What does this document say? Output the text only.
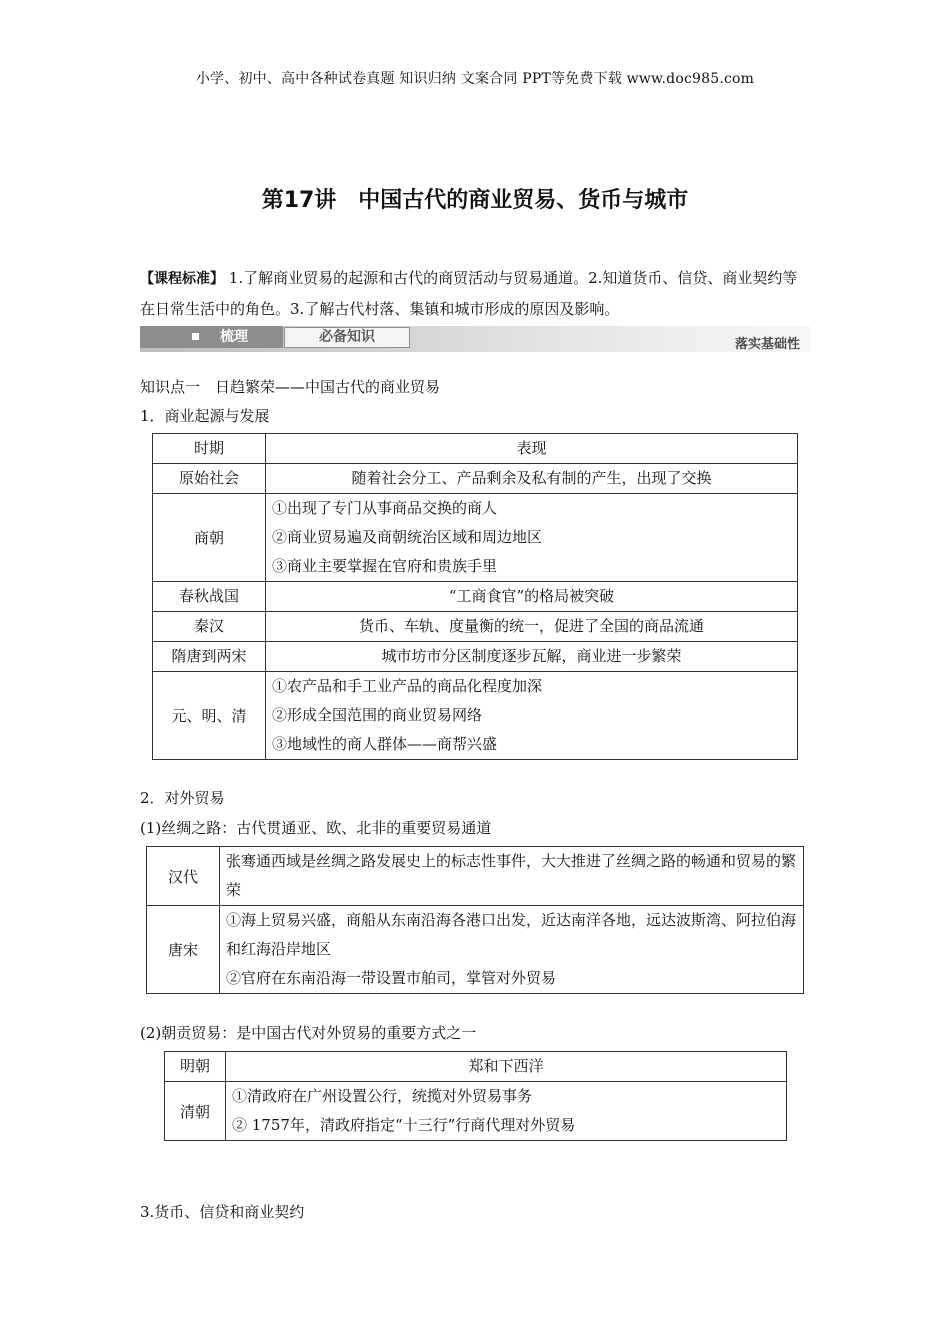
小学、初中、高中各种试卷真题 知识归纳 文案合同 PPT等免费下载 www.doc985.com
第17讲　中国古代的商业贸易、货币与城市
【课程标准】 1.了解商业贸易的起源和古代的商贸活动与贸易通道。2.知道货币、信贷、商业契约等在日常生活中的角色。3.了解古代村落、集镇和城市形成的原因及影响。
梳理	必备知识	落实基础性
知识点一　日趋繁荣——中国古代的商业贸易
1．商业起源与发展
时期	表现
原始社会	随着社会分工、产品剩余及私有制的产生，出现了交换
商朝	①出现了专门从事商品交换的商人
②商业贸易遍及商朝统治区域和周边地区
③商业主要掌握在官府和贵族手里

春秋战国	“工商食官”的格局被突破
秦汉	货币、车轨、度量衡的统一，促进了全国的商品流通
隋唐到两宋	城市坊市分区制度逐步瓦解，商业进一步繁荣
元、明、清	①农产品和手工业产品的商品化程度加深
②形成全国范围的商业贸易网络
③地域性的商人群体——商帮兴盛
2．对外贸易
(1)丝绸之路：古代贯通亚、欧、北非的重要贸易通道
汉代	张骞通西域是丝绸之路发展史上的标志性事件，大大推进了丝绸之路的畅通和贸易的繁荣
唐宋	①海上贸易兴盛，商船从东南沿海各港口出发，近达南洋各地，远达波斯湾、阿拉伯海和红海沿岸地区
②官府在东南沿海一带设置市舶司，掌管对外贸易
(2)朝贡贸易：是中国古代对外贸易的重要方式之一
明朝	郑和下西洋
清朝	①清政府在广州设置公行，统揽对外贸易事务
② 1757年，清政府指定“十三行”行商代理对外贸易
3.货币、信贷和商业契约
